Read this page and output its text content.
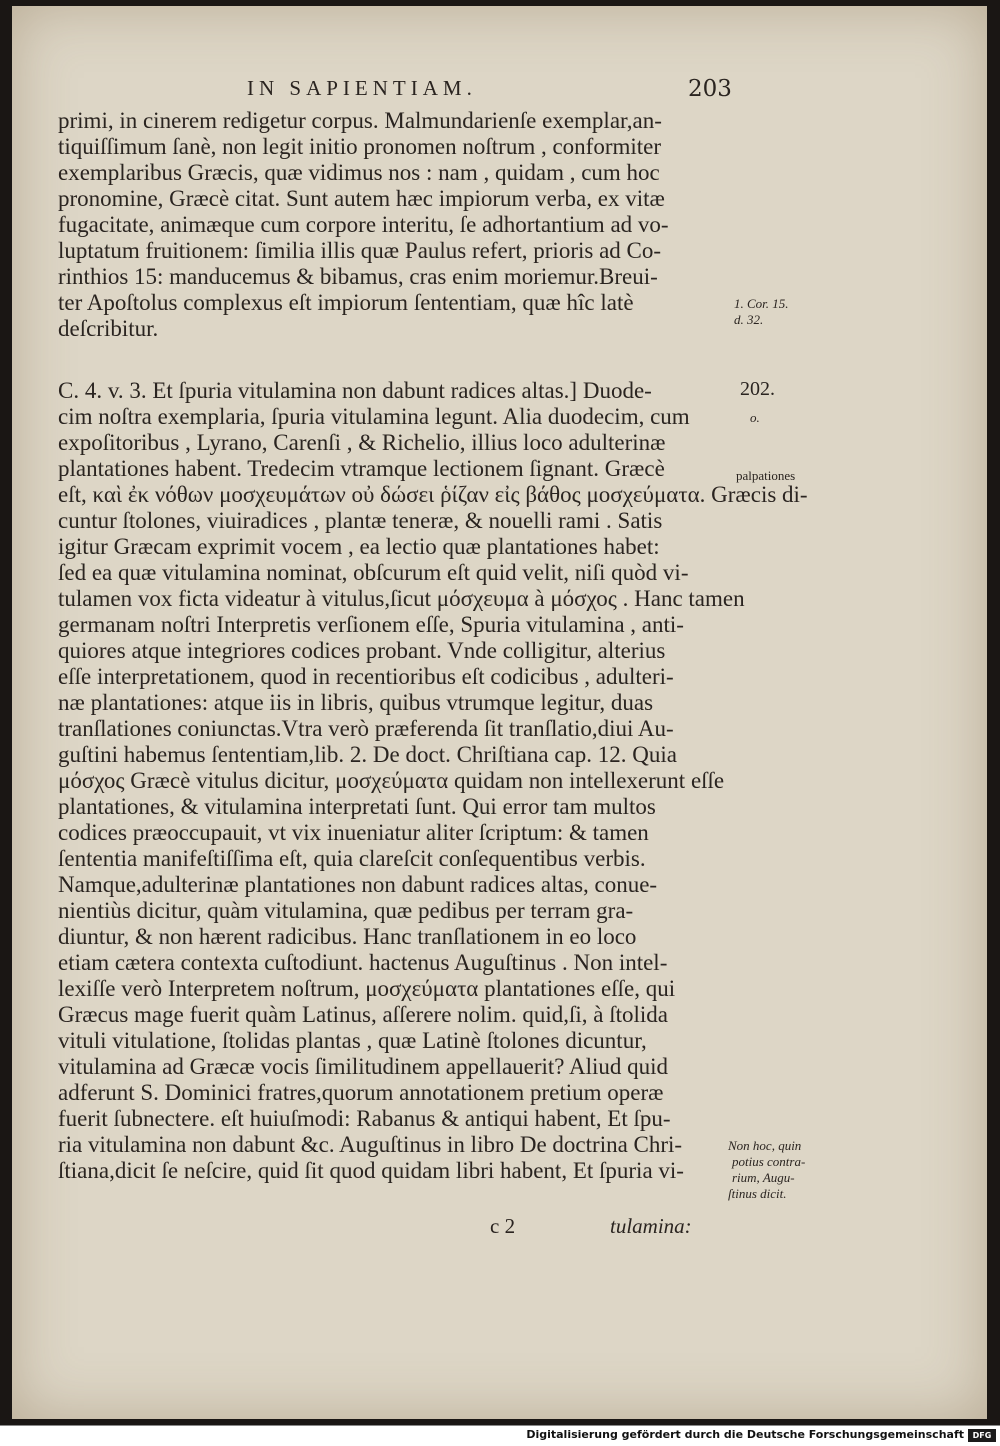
IN SAPIENTIAM.	203
primi, in cinerem redigetur corpus. Malmundarienſe exemplar,an-
tiquiſſimum ſanè, non legit initio pronomen noſtrum , conformiter
exemplaribus Græcis, quæ vidimus nos : nam , quidam , cum hoc
pronomine, Græcè citat. Sunt autem hæc impiorum verba, ex vitæ
fugacitate, animæque cum corpore interitu, ſe adhortantium ad vo-
luptatum fruitionem: ſimilia illis quæ Paulus refert, prioris ad Co-
rinthios 15: manducemus & bibamus, cras enim moriemur.Breui-
ter Apoſtolus complexus eſt impiorum ſententiam, quæ hîc latè
deſcribitur.
C. 4. v. 3. Et ſpuria vitulamina non dabunt radices altas.] Duode-
cim noſtra exemplaria, ſpuria vitulamina legunt. Alia duodecim, cum
expoſitoribus , Lyrano, Carenſi , & Richelio, illius loco adulterinæ
plantationes habent. Tredecim vtramque lectionem ſignant. Græcè
eſt, καὶ ἐκ νόθων μοσχευμάτων οὐ δώσει ῥίζαν εἰς βάθος μοσχεύματα. Græcis di-
cuntur ſtolones, viuiradices , plantæ teneræ, & nouelli rami . Satis
igitur Græcam exprimit vocem , ea lectio quæ plantationes habet:
ſed ea quæ vitulamina nominat, obſcurum eſt quid velit, niſi quòd vi-
tulamen vox ficta videatur à vitulus,ſicut μόσχευμα à μόσχος . Hanc tamen
germanam noſtri Interpretis verſionem eſſe, Spuria vitulamina , anti-
quiores atque integriores codices probant. Vnde colligitur, alterius
eſſe interpretationem, quod in recentioribus eſt codicibus , adulteri-
næ plantationes: atque iis in libris, quibus vtrumque legitur, duas
tranſlationes coniunctas.Vtra verò præferenda ſit tranſlatio,diui Au-
guſtini habemus ſententiam,lib. 2. De doct. Chriſtiana cap. 12. Quia
μόσχος Græcè vitulus dicitur, μοσχεύματα quidam non intellexerunt eſſe
plantationes, & vitulamina interpretati ſunt. Qui error tam multos
codices præoccupauit, vt vix inueniatur aliter ſcriptum: & tamen
ſententia manifeſtiſſima eſt, quia clareſcit conſequentibus verbis.
Namque,adulterinæ plantationes non dabunt radices altas, conue-
nientiùs dicitur, quàm vitulamina, quæ pedibus per terram gra-
diuntur, & non hærent radicibus. Hanc tranſlationem in eo loco
etiam cætera contexta cuſtodiunt. hactenus Auguſtinus . Non intel-
lexiſſe verò Interpretem noſtrum, μοσχεύματα plantationes eſſe, qui
Græcus mage fuerit quàm Latinus, aſſerere nolim. quid,ſi, à ſtolida
vituli vitulatione, ſtolidas plantas , quæ Latinè ſtolones dicuntur,
vitulamina ad Græcæ vocis ſimilitudinem appellauerit? Aliud quid
adferunt S. Dominici fratres,quorum annotationem pretium operæ
fuerit ſubnectere. eſt huiuſmodi: Rabanus & antiqui habent, Et ſpu-
ria vitulamina non dabunt &c. Auguſtinus in libro De doctrina Chri-
ſtiana,dicit ſe neſcire, quid ſit quod quidam libri habent, Et ſpuria vi-
1. Cor. 15.
d. 32.
202.
o.
palpationes
Non hoc, quin
potius contra-
rium, Augu-
ſtinus dicit.
c 2	tulamina:
Digitalisierung gefördert durch die Deutsche Forschungsgemeinschaft	DFG
